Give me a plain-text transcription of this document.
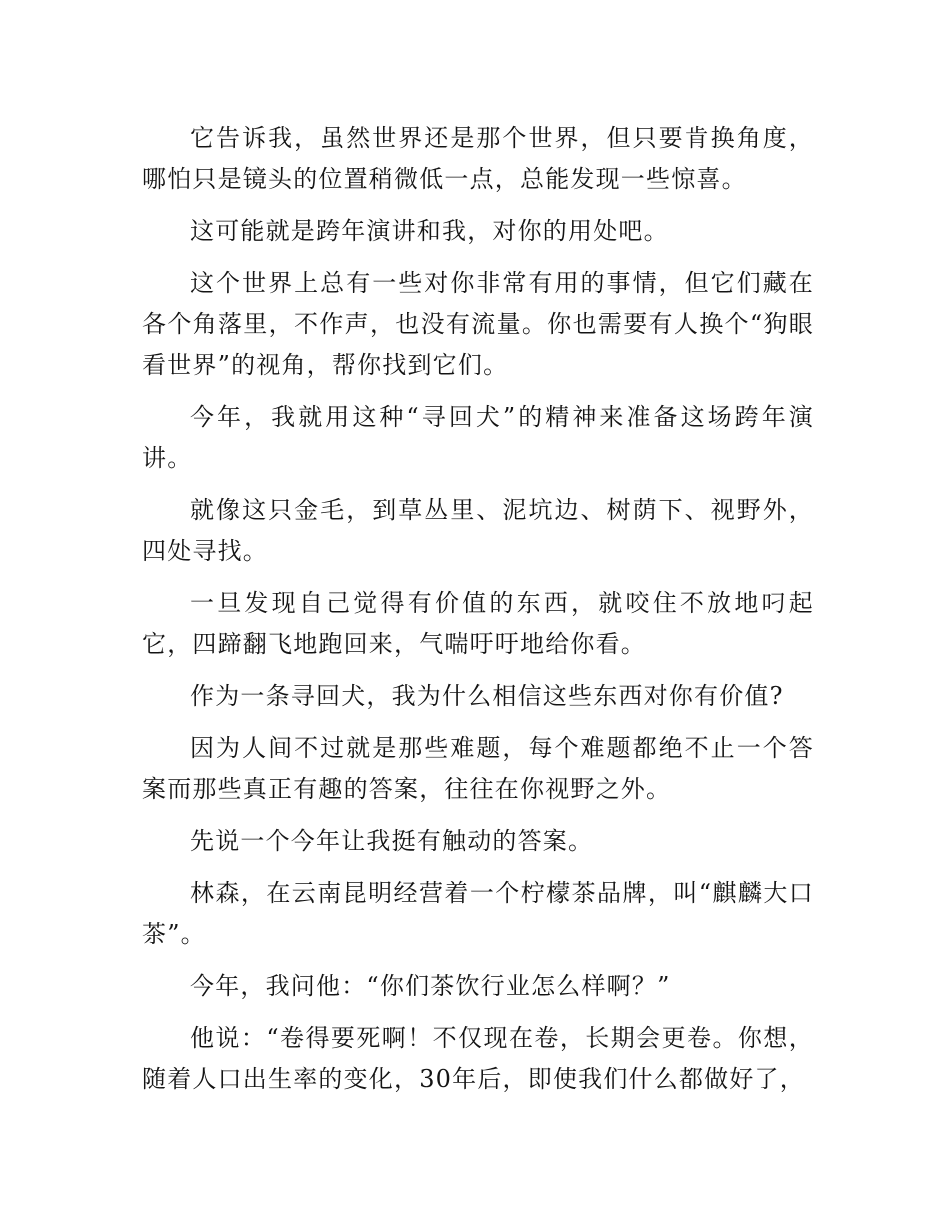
它告诉我，虽然世界还是那个世界，但只要肯换角度，哪怕只是镜头的位置稍微低一点，总能发现一些惊喜。

这可能就是跨年演讲和我，对你的用处吧。

这个世界上总有一些对你非常有用的事情，但它们藏在各个角落里，不作声，也没有流量。你也需要有人换个“狗眼看世界”的视角，帮你找到它们。

今年，我就用这种“寻回犬”的精神来准备这场跨年演讲。

就像这只金毛，到草丛里、泥坑边、树荫下、视野外，四处寻找。

一旦发现自己觉得有价值的东西，就咬住不放地叼起它，四蹄翻飞地跑回来，气喘吁吁地给你看。

作为一条寻回犬，我为什么相信这些东西对你有价值?

因为人间不过就是那些难题，每个难题都绝不止一个答案而那些真正有趣的答案，往往在你视野之外。

先说一个今年让我挺有触动的答案。

林森，在云南昆明经营着一个柠檬茶品牌，叫“麒麟大口茶”。

今年，我问他：“你们茶饮行业怎么样啊？”

他说：“卷得要死啊！不仅现在卷，长期会更卷。你想，随着人口出生率的变化，30年后，即使我们什么都做好了，
